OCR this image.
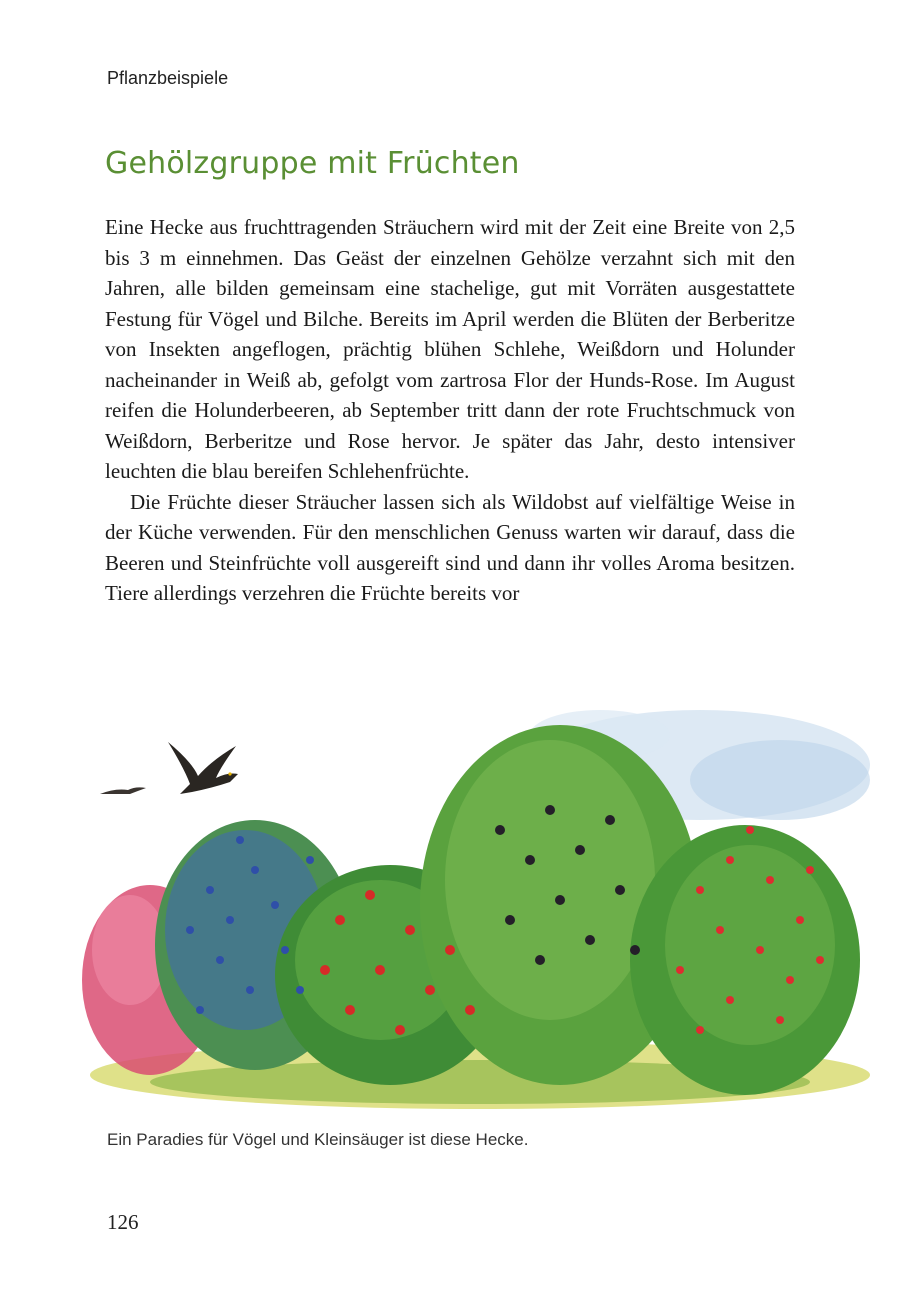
Pflanzbeispiele
Gehölzgruppe mit Früchten

Eine Hecke aus fruchttragenden Sträuchern wird mit der Zeit eine Breite von 2,5 bis 3 m einnehmen. Das Geäst der einzelnen Gehölze verzahnt sich mit den Jahren, alle bilden gemeinsam eine stachelige, gut mit Vorräten ausgestattete Festung für Vögel und Bilche. Bereits im April werden die Blüten der Berberitze von Insekten angeflogen, prächtig blühen Schlehe, Weißdorn und Holunder nacheinander in Weiß ab, gefolgt vom zartrosa Flor der Hunds-Rose. Im August reifen die Holunderbeeren, ab September tritt dann der rote Fruchtschmuck von Weißdorn, Berberitze und Rose hervor. Je später das Jahr, desto intensiver leuchten die blau bereifen Schlehenfrüchte.

Die Früchte dieser Sträucher lassen sich als Wildobst auf vielfältige Weise in der Küche verwenden. Für den menschlichen Genuss warten wir darauf, dass die Beeren und Steinfrüchte voll ausgereift sind und dann ihr volles Aroma besitzen. Tiere allerdings verzehren die Früchte bereits vor

Ein Paradies für Vögel und Kleinsäuger ist diese Hecke.
126
